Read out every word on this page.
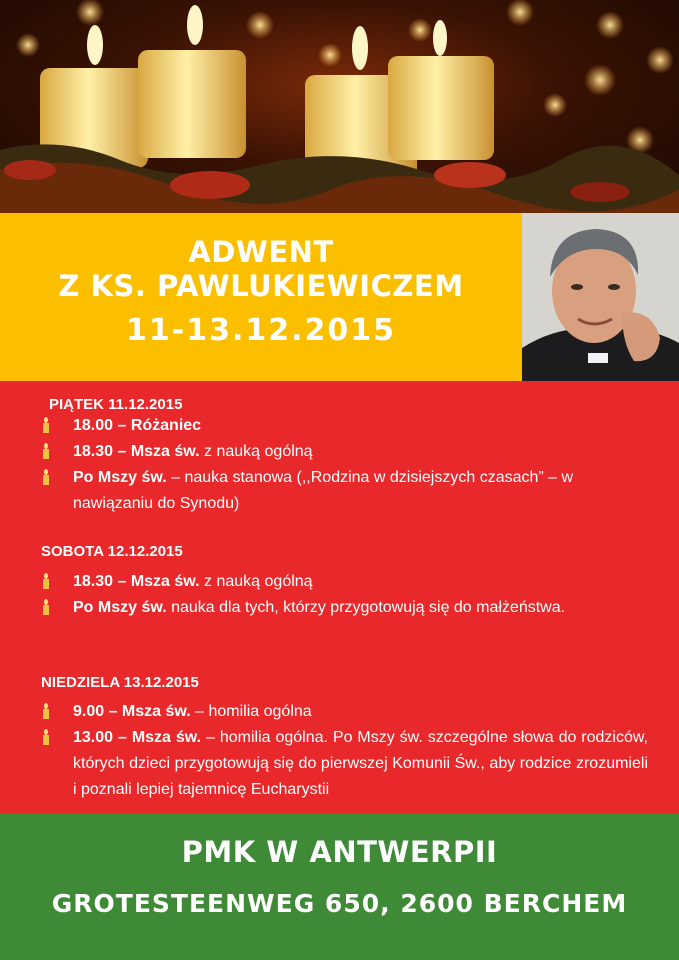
ADWENT
Z KS. PAWLUKIEWICZEM
11-13.12.2015
PIĄTEK 11.12.2015
18.00 – Różaniec
18.30 – Msza św. z nauką ogólną
Po Mszy św. – nauka stanowa (,,Rodzina w dzisiejszych czasach” – w nawiązaniu do Synodu)
SOBOTA 12.12.2015
18.30 – Msza św. z nauką ogólną
Po Mszy św. nauka dla tych, którzy przygotowują się do małżeństwa.
NIEDZIELA 13.12.2015
9.00 – Msza św. – homilia ogólna
13.00 – Msza św. – homilia ogólna. Po Mszy św. szczególne słowa do rodziców, których dzieci przygotowują się do pierwszej Komunii Św., aby rodzice zrozumieli i poznali lepiej tajemnicę Eucharystii
PMK W ANTWERPII
GROTESTEENWEG 650, 2600 BERCHEM
